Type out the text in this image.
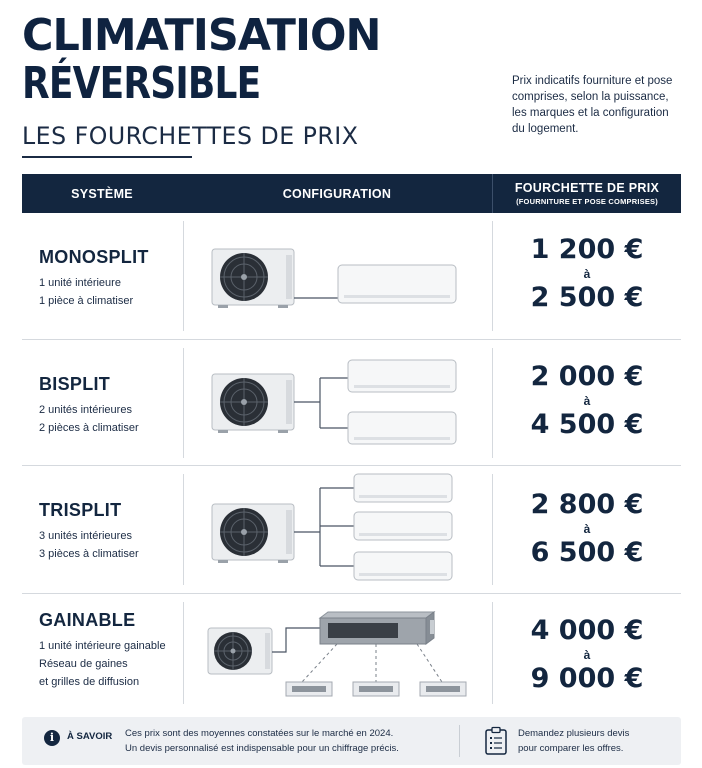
CLIMATISATION
RÉVERSIBLE
LES FOURCHETTES DE PRIX
Prix indicatifs fourniture et pose
comprises, selon la puissance,
les marques et la configuration
du logement.
SYSTÈME	CONFIGURATION	FOURCHETTE DE PRIX
(FOURNITURE ET POSE COMPRISES)
MONOSPLIT
1 unité intérieure
1 pièce à climatiser
1 200 €
à
2 500 €
BISPLIT
2 unités intérieures
2 pièces à climatiser
2 000 €
à
4 500 €
TRISPLIT
3 unités intérieures
3 pièces à climatiser
2 800 €
à
6 500 €
GAINABLE
1 unité intérieure gainable
Réseau de gaines
et grilles de diffusion
4 000 €
à
9 000 €
i	À SAVOIR Ces prix sont des moyennes constatées sur le marché en 2024.
Un devis personnalisé est indispensable pour un chiffrage précis.
Demandez plusieurs devis
pour comparer les offres.
